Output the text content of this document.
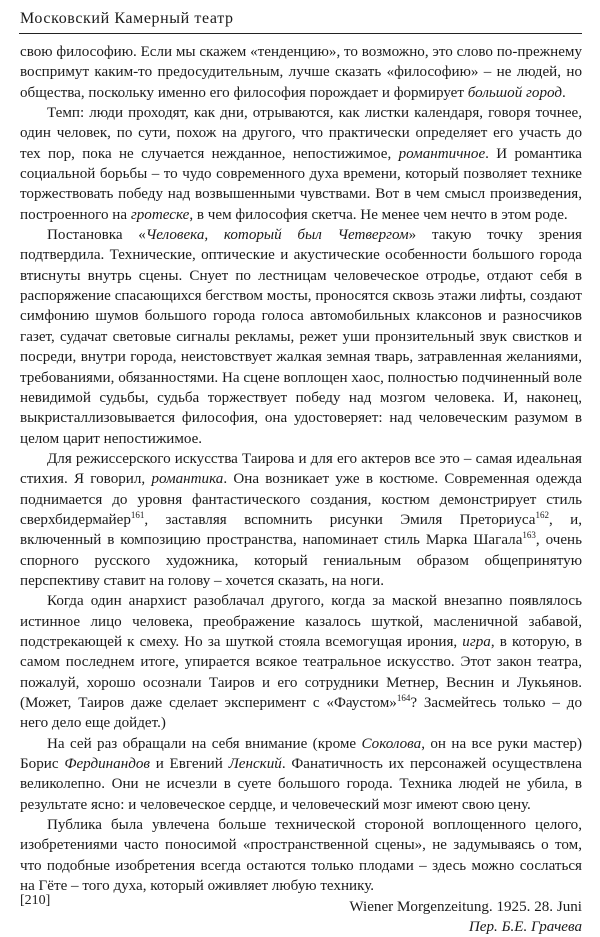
Московский Камерный театр

свою философию. Если мы скажем «тенденцию», то возможно, это слово по-прежнему воспримут каким-то предосудительным, лучше сказать «философию» – не людей, но общества, поскольку именно его философия порождает и формирует большой город.

Темп: люди проходят, как дни, отрываются, как листки календаря, говоря точнее, один человек, по сути, похож на другого, что практически определяет его участь до тех пор, пока не случается нежданное, непостижимое, романтичное. И романтика социальной борьбы – то чудо современного духа времени, который позволяет технике торжествовать победу над возвышенными чувствами. Вот в чем смысл произведения, построенного на гротеске, в чем философия скетча. Не менее чем нечто в этом роде.

Постановка «Человека, который был Четвергом» такую точку зрения подтвердила. Технические, оптические и акустические особенности большого города втиснуты внутрь сцены. Снует по лестницам человеческое отродье, отдают себя в распоряжение спасающихся бегством мосты, проносятся сквозь этажи лифты, создают симфонию шумов большого города голоса автомобильных клаксонов и разносчиков газет, судачат световые сигналы рекламы, режет уши пронзительный звук свистков и посреди, внутри города, неистовствует жалкая земная тварь, затравленная желаниями, требованиями, обязанностями. На сцене воплощен хаос, полностью подчиненный воле невидимой судьбы, судьба торжествует победу над мозгом человека. И, наконец, выкристаллизовывается философия, она удостоверяет: над человеческим разумом в целом царит непостижимое.

Для режиссерского искусства Таирова и для его актеров все это – самая идеальная стихия. Я говорил, романтика. Она возникает уже в костюме. Современная одежда поднимается до уровня фантастического создания, костюм демонстрирует стиль сверхбидермайер$^{161}$, заставляя вспомнить рисунки Эмиля Преториуса$^{162}$, и, включенный в композицию пространства, напоминает стиль Марка Шагала$^{163}$, очень спорного русского художника, который гениальным образом общепринятую перспективу ставит на голову – хочется сказать, на ноги.

Когда один анархист разоблачал другого, когда за маской внезапно появлялось истинное лицо человека, преображение казалось шуткой, масленичной забавой, подстрекающей к смеху. Но за шуткой стояла всемогущая ирония, игра, в которую, в самом последнем итоге, упирается всякое театральное искусство. Этот закон театра, пожалуй, хорошо осознали Таиров и его сотрудники Метнер, Веснин и Лукьянов. (Может, Таиров даже сделает эксперимент с «Фаустом»$^{164}$? Засмейтесь только – до него дело еще дойдет.)

На сей раз обращали на себя внимание (кроме Соколова, он на все руки мастер) Борис Фердинандов и Евгений Ленский. Фанатичность их персонажей осуществлена великолепно. Они не исчезли в суете большого города. Техника людей не убила, в результате ясно: и человеческое сердце, и человеческий мозг имеют свою цену.

Публика была увлечена больше технической стороной воплощенного целого, изобретениями часто поносимой «пространственной сцены», не задумываясь о том, что подобные изобретения всегда остаются только плодами – здесь можно сослаться на Гёте – того духа, который оживляет любую технику.

Wiener Morgenzeitung. 1925. 28. Juni
Пер. Б.Е. Грачева
[210]
